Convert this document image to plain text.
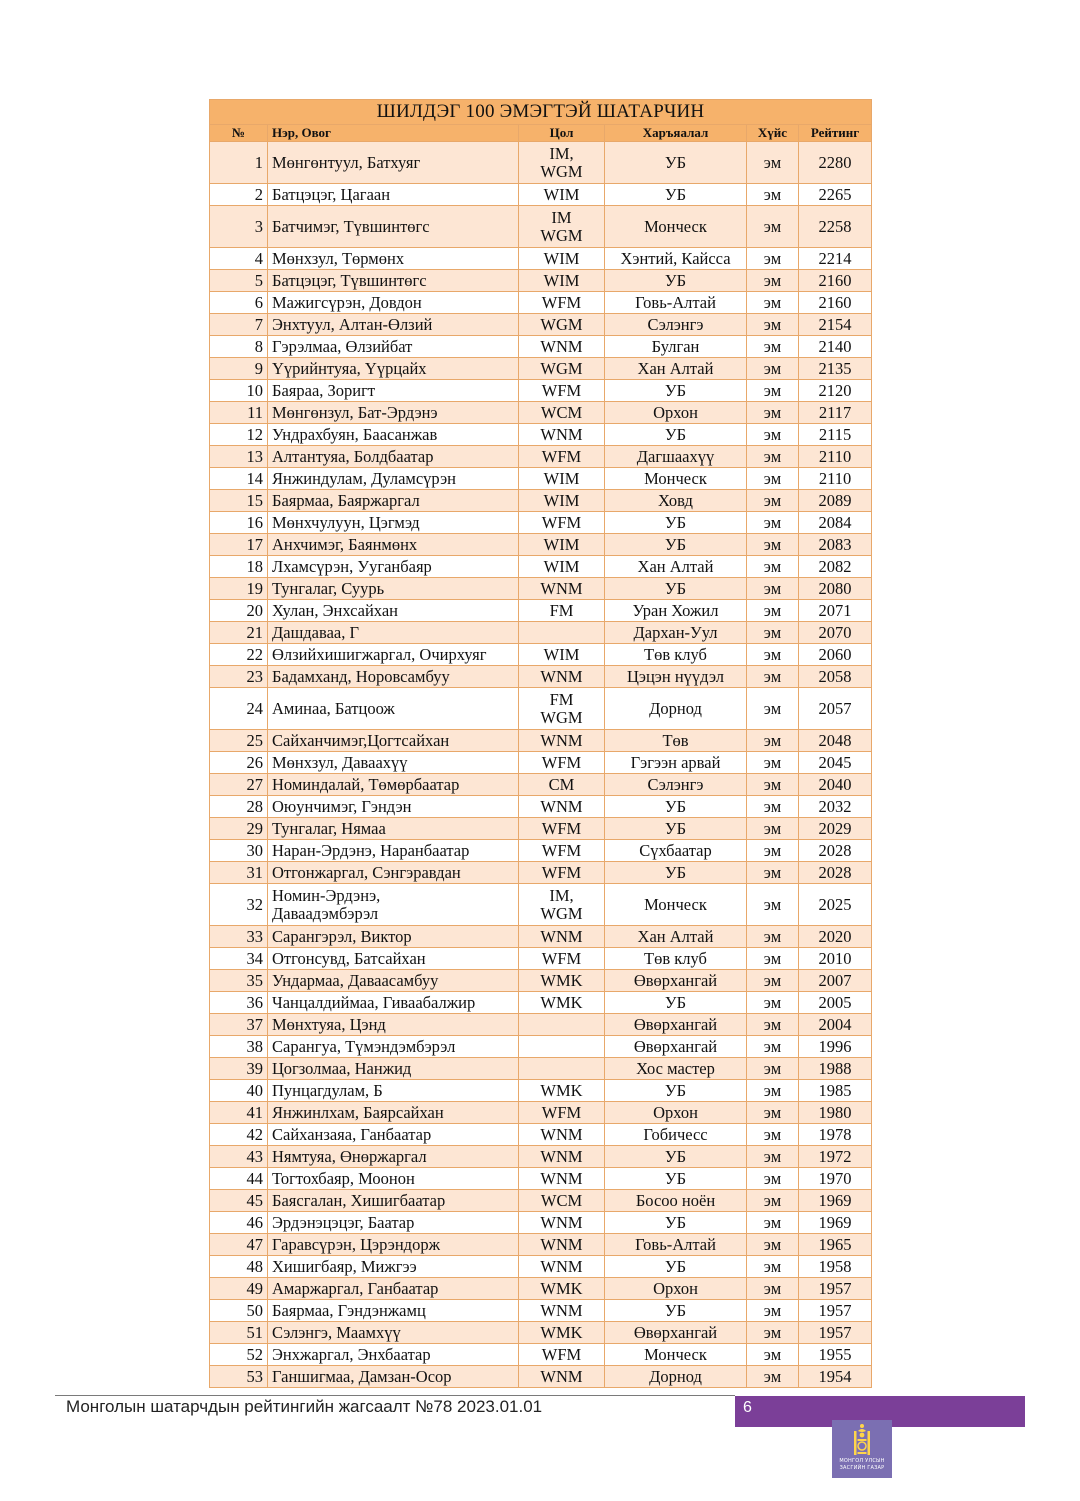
ШИЛДЭГ 100 ЭМЭГТЭЙ ШАТАРЧИН					
№	Нэр, Овог	Цол	Харъяалал	Хүйс	Рейтинг
1	Мөнгөнтуул, Батхуяг	IM,
WGM	УБ	эм	2280
2	Батцэцэг, Цагаан	WIM	УБ	эм	2265
3	Батчимэг, Түвшинтөгс	IM
WGM	Монческ	эм	2258
4	Мөнхзул, Төрмөнх	WIM	Хэнтий, Кайсса	эм	2214
5	Батцэцэг, Түвшинтөгс	WIM	УБ	эм	2160
6	Мажигсүрэн, Довдон	WFM	Говь-Алтай	эм	2160
7	Энхтуул, Алтан-Өлзий	WGM	Сэлэнгэ	эм	2154
8	Гэрэлмаа, Өлзийбат	WNM	Булган	эм	2140
9	Үүрийнтуяа, Үүрцайх	WGM	Хан Алтай	эм	2135
10	Баяраа, Зоригт	WFM	УБ	эм	2120
11	Мөнгөнзул, Бат-Эрдэнэ	WCM	Орхон	эм	2117
12	Ундрахбуян, Баасанжав	WNM	УБ	эм	2115
13	Алтантуяа, Болдбаатар	WFM	Дагшаахүү	эм	2110
14	Янжиндулам, Дуламсүрэн	WIM	Монческ	эм	2110
15	Баярмаа, Баяржаргал	WIM	Ховд	эм	2089
16	Мөнхчулуун, Цэгмэд	WFM	УБ	эм	2084
17	Анхчимэг, Баянмөнх	WIM	УБ	эм	2083
18	Лхамсүрэн, Ууганбаяр	WIM	Хан Алтай	эм	2082
19	Тунгалаг, Суурь	WNM	УБ	эм	2080
20	Хулан, Энхсайхан	FM	Уран Хожил	эм	2071
21	Дашдаваа, Г		Дархан-Уул	эм	2070
22	Өлзийхишигжаргал, Очирхуяг	WIM	Төв клуб	эм	2060
23	Бадамханд, Норовсамбуу	WNM	Цэцэн нүүдэл	эм	2058
24	Аминаа, Батцоож	FM
WGM	Дорнод	эм	2057
25	Сайханчимэг,Цогтсайхан	WNM	Төв	эм	2048
26	Мөнхзул, Даваахүү	WFM	Гэгээн арвай	эм	2045
27	Номиндалай, Төмөрбаатар	CM	Сэлэнгэ	эм	2040
28	Оюунчимэг, Гэндэн	WNM	УБ	эм	2032
29	Тунгалаг, Нямаа	WFM	УБ	эм	2029
30	Наран-Эрдэнэ, Наранбаатар	WFM	Сүхбаатар	эм	2028
31	Отгонжаргал, Сэнгэравдан	WFM	УБ	эм	2028
32	Номин-Эрдэнэ,
Даваадэмбэрэл	IM,
WGM	Монческ	эм	2025
33	Сарангэрэл, Виктор	WNM	Хан Алтай	эм	2020
34	Отгонсувд, Батсайхан	WFM	Төв клуб	эм	2010
35	Ундармаа, Даваасамбуу	WMK	Өвөрхангай	эм	2007
36	Чанцалдиймаа, Гиваабалжир	WMK	УБ	эм	2005
37	Мөнхтуяа, Цэнд		Өвөрхангай	эм	2004
38	Сарангуа, Түмэндэмбэрэл		Өвөрхангай	эм	1996
39	Цогзолмаа, Нанжид		Хос мастер	эм	1988
40	Пунцагдулам, Б	WMK	УБ	эм	1985
41	Янжинлхам, Баярсайхан	WFM	Орхон	эм	1980
42	Сайханзаяа, Ганбаатар	WNM	Гобичесс	эм	1978
43	Нямтуяа, Өнөржаргал	WNM	УБ	эм	1972
44	Тогтохбаяр, Моонон	WNM	УБ	эм	1970
45	Баясгалан, Хишигбаатар	WCM	Босоо ноён	эм	1969
46	Эрдэнэцэцэг, Баатар	WNM	УБ	эм	1969
47	Гаравсүрэн, Цэрэндорж	WNM	Говь-Алтай	эм	1965
48	Хишигбаяр, Мижгээ	WNM	УБ	эм	1958
49	Амаржаргал, Ганбаатар	WMK	Орхон	эм	1957
50	Баярмаа, Гэндэнжамц	WNM	УБ	эм	1957
51	Сэлэнгэ, Маамхүү	WMK	Өвөрхангай	эм	1957
52	Энхжаргал, Энхбаатар	WFM	Монческ	эм	1955
53	Ганшигмаа, Дамзан-Осор	WNM	Дорнод	эм	1954
Монголын шатарчдын рейтингийн жагсаалт №78 2023.01.01	6
МОНГОЛ УЛСЫН
ЗАСГИЙН ГАЗАР
